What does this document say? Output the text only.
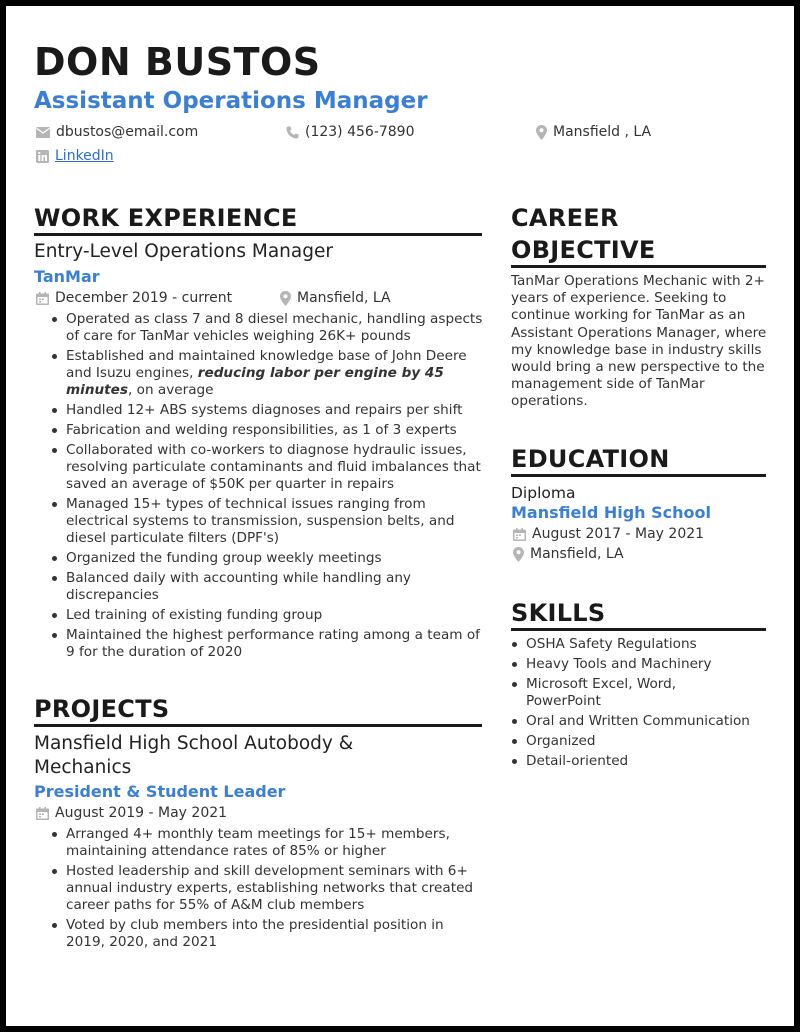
DON BUSTOS
Assistant Operations Manager
dbustos@email.com	(123) 456-7890	Mansfield , LA
LinkedIn
WORK EXPERIENCE
Entry-Level Operations Manager
TanMar
December 2019 - current	Mansfield, LA
Operated as class 7 and 8 diesel mechanic, handling aspects of care for TanMar vehicles weighing 26K+ pounds
Established and maintained knowledge base of John Deere and Isuzu engines, reducing labor per engine by 45 minutes, on average
Handled 12+ ABS systems diagnoses and repairs per shift
Fabrication and welding responsibilities, as 1 of 3 experts
Collaborated with co-workers to diagnose hydraulic issues, resolving particulate contaminants and fluid imbalances that saved an average of $50K per quarter in repairs
Managed 15+ types of technical issues ranging from electrical systems to transmission, suspension belts, and diesel particulate filters (DPF's)
Organized the funding group weekly meetings
Balanced daily with accounting while handling any discrepancies
Led training of existing funding group
Maintained the highest performance rating among a team of 9 for the duration of 2020
PROJECTS
Mansfield High School Autobody & Mechanics
President & Student Leader
August 2019 - May 2021
Arranged 4+ monthly team meetings for 15+ members, maintaining attendance rates of 85% or higher
Hosted leadership and skill development seminars with 6+ annual industry experts, establishing networks that created career paths for 55% of A&M club members
Voted by club members into the presidential position in 2019, 2020, and 2021
CAREER
OBJECTIVE
TanMar Operations Mechanic with 2+ years of experience. Seeking to continue working for TanMar as an Assistant Operations Manager, where my knowledge base in industry skills would bring a new perspective to the management side of TanMar operations.
EDUCATION
Diploma
Mansfield High School
August 2017 - May 2021
Mansfield, LA
SKILLS
OSHA Safety Regulations
Heavy Tools and Machinery
Microsoft Excel, Word, PowerPoint
Oral and Written Communication
Organized
Detail-oriented
